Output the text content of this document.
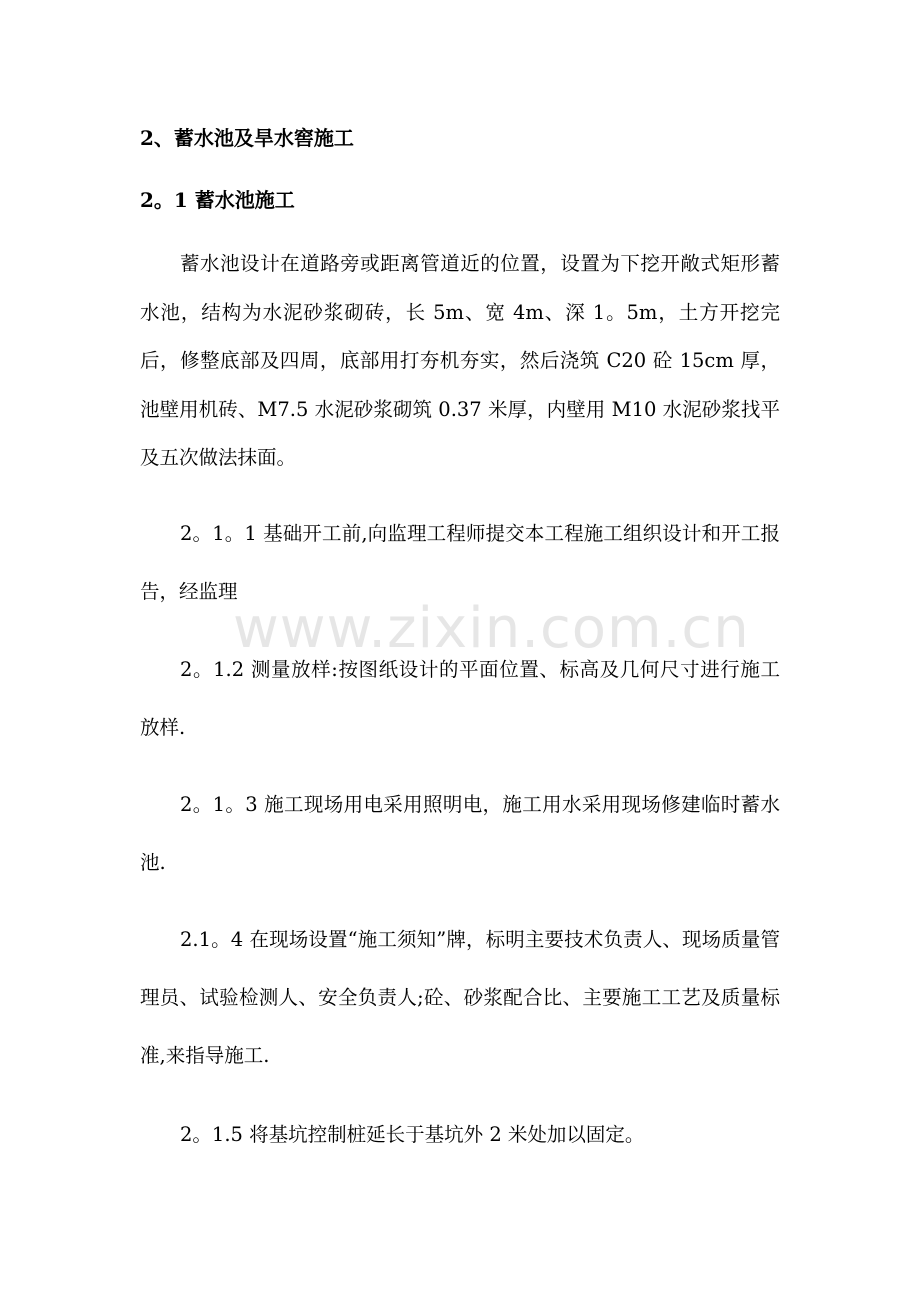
2、蓄水池及旱水窖施工
2。1 蓄水池施工

蓄水池设计在道路旁或距离管道近的位置，设置为下挖开敞式矩形蓄水池，结构为水泥砂浆砌砖，长 5m、宽 4m、深 1。5m，土方开挖完后，修整底部及四周，底部用打夯机夯实，然后浇筑 C20 砼 15cm 厚，池壁用机砖、M7.5 水泥砂浆砌筑 0.37 米厚，内壁用 M10 水泥砂浆找平及五次做法抹面。

2。1。1 基础开工前,向监理工程师提交本工程施工组织设计和开工报告，经监理

2。1.2 测量放样:按图纸设计的平面位置、标高及几何尺寸进行施工放样.

2。1。3 施工现场用电采用照明电，施工用水采用现场修建临时蓄水池.

2.1。4 在现场设置“施工须知”牌，标明主要技术负责人、现场质量管理员、试验检测人、安全负责人;砼、砂浆配合比、主要施工工艺及质量标准,来指导施工.

2。1.5 将基坑控制桩延长于基坑外 2 米处加以固定。

www.zixin.com.cn
